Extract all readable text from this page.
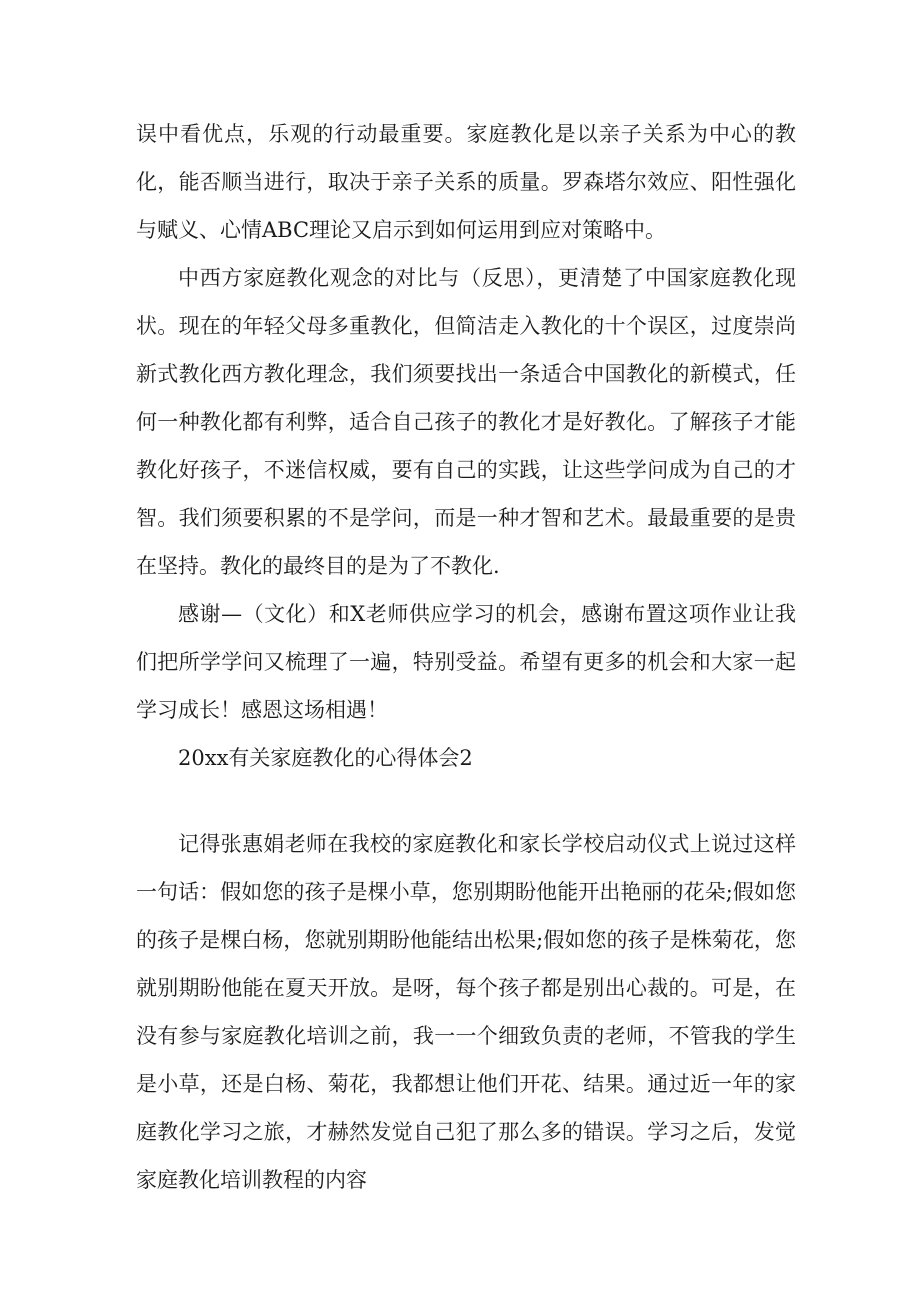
误中看优点，乐观的行动最重要。家庭教化是以亲子关系为中心的教化，能否顺当进行，取决于亲子关系的质量。罗森塔尔效应、阳性强化与赋义、心情ABC理论又启示到如何运用到应对策略中。

中西方家庭教化观念的对比与（反思），更清楚了中国家庭教化现状。现在的年轻父母多重教化，但简洁走入教化的十个误区，过度崇尚新式教化西方教化理念，我们须要找出一条适合中国教化的新模式，任何一种教化都有利弊，适合自己孩子的教化才是好教化。了解孩子才能教化好孩子，不迷信权威，要有自己的实践，让这些学问成为自己的才智。我们须要积累的不是学问，而是一种才智和艺术。最最重要的是贵在坚持。教化的最终目的是为了不教化.

感谢—（文化）和X老师供应学习的机会，感谢布置这项作业让我们把所学学问又梳理了一遍，特别受益。希望有更多的机会和大家一起学习成长！感恩这场相遇！

20xx有关家庭教化的心得体会2

记得张惠娟老师在我校的家庭教化和家长学校启动仪式上说过这样一句话：假如您的孩子是棵小草，您别期盼他能开出艳丽的花朵;假如您的孩子是棵白杨，您就别期盼他能结出松果;假如您的孩子是株菊花，您就别期盼他能在夏天开放。是呀，每个孩子都是别出心裁的。可是，在没有参与家庭教化培训之前，我一一个细致负责的老师，不管我的学生是小草，还是白杨、菊花，我都想让他们开花、结果。通过近一年的家庭教化学习之旅，才赫然发觉自己犯了那么多的错误。学习之后，发觉家庭教化培训教程的内容
